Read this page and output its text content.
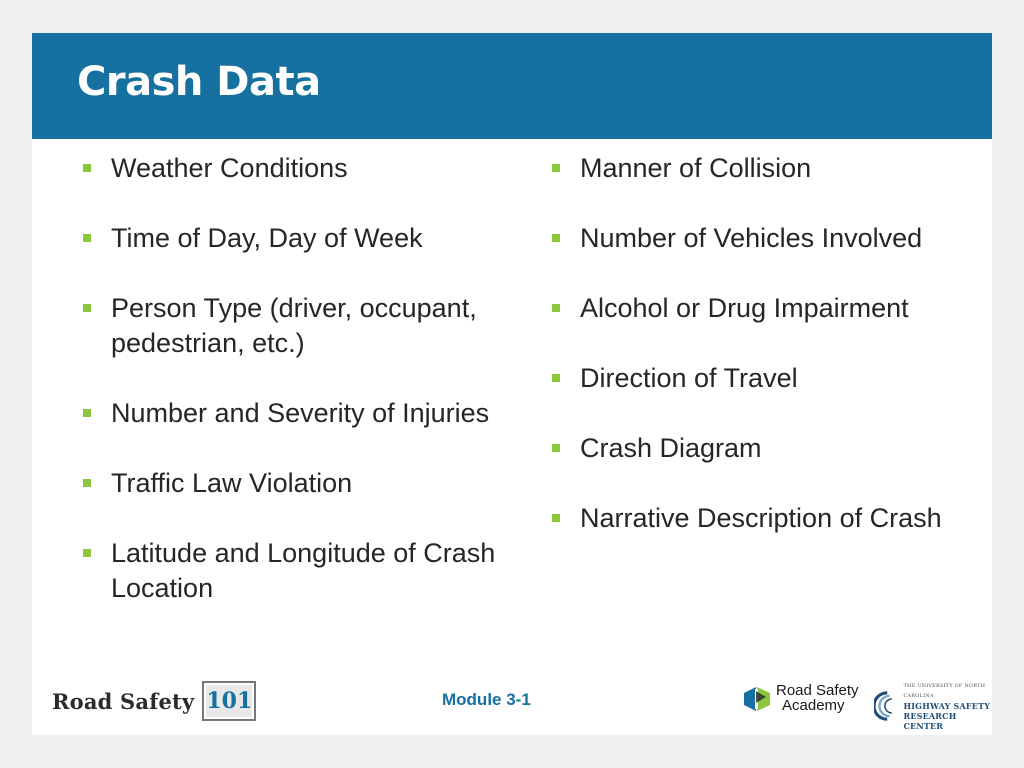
Crash Data
Weather Conditions
Time of Day, Day of Week
Person Type (driver, occupant, pedestrian, etc.)
Number and Severity of Injuries
Traffic Law Violation
Latitude and Longitude of Crash Location
Manner of Collision
Number of Vehicles Involved
Alcohol or Drug Impairment
Direction of Travel
Crash Diagram
Narrative Description of Crash
Road Safety 101	Module 3-1	Road Safety
Academy
THE UNIVERSITY OF NORTH CAROLINA
HIGHWAY SAFETY
RESEARCH CENTER
